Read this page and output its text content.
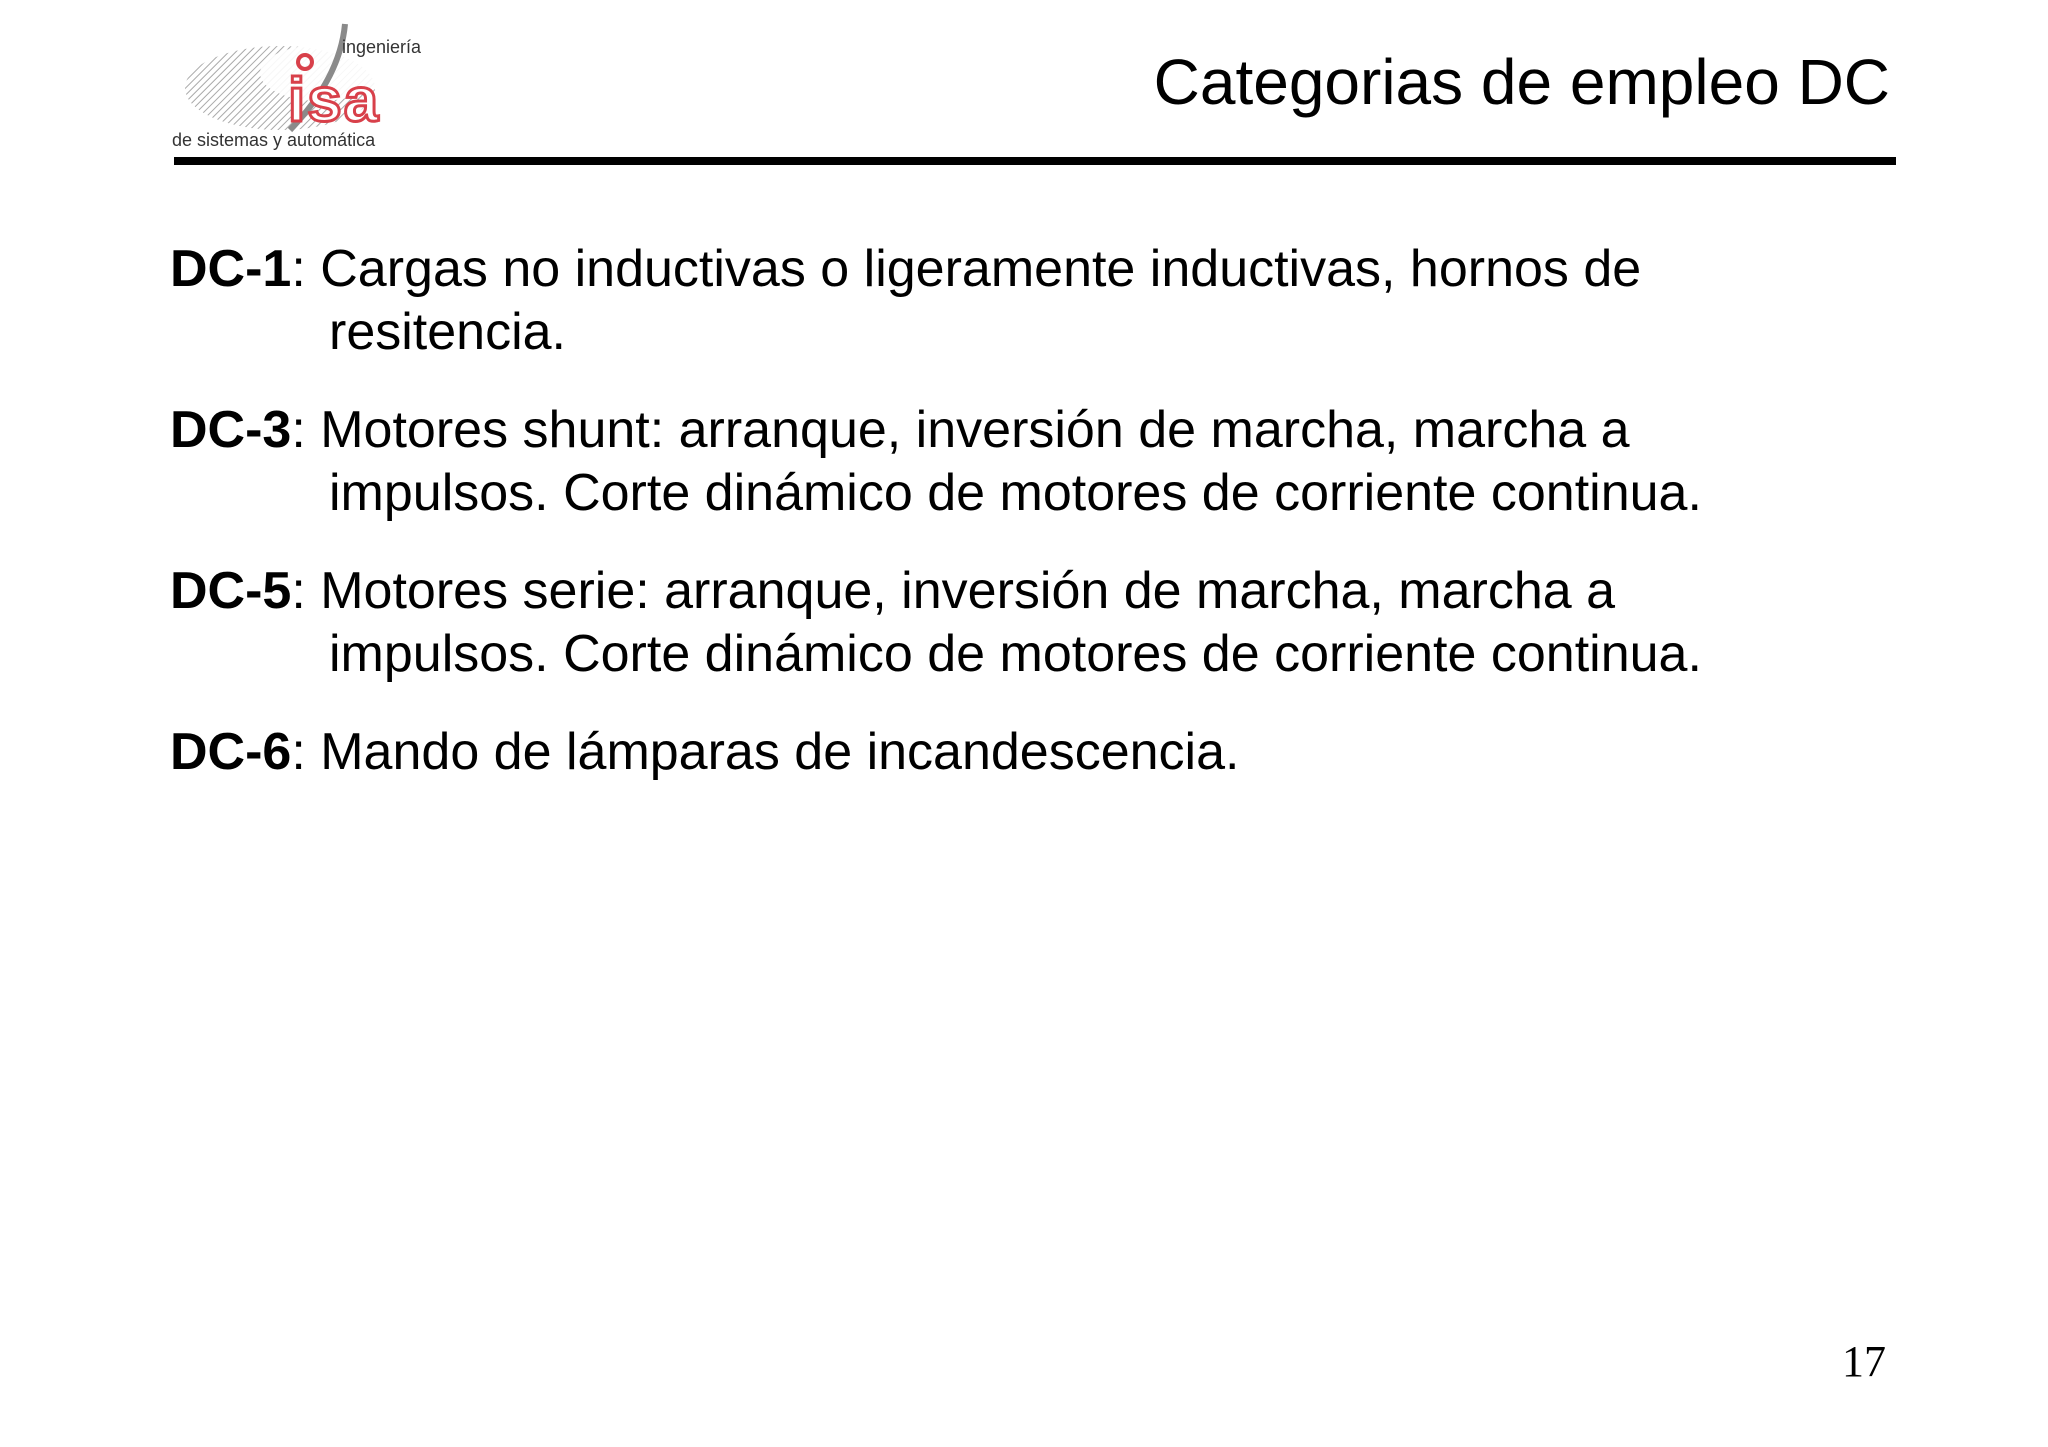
isa
ingeniería
de sistemas y automática
Categorias de empleo DC
DC-1: Cargas no inductivas o ligeramente inductivas, hornos de
resitencia.
DC-3: Motores shunt: arranque, inversión de marcha, marcha a
impulsos. Corte dinámico de motores de corriente continua.
DC-5: Motores serie: arranque, inversión de marcha, marcha a
impulsos. Corte dinámico de motores de corriente continua.
DC-6: Mando de lámparas de incandescencia.
17
